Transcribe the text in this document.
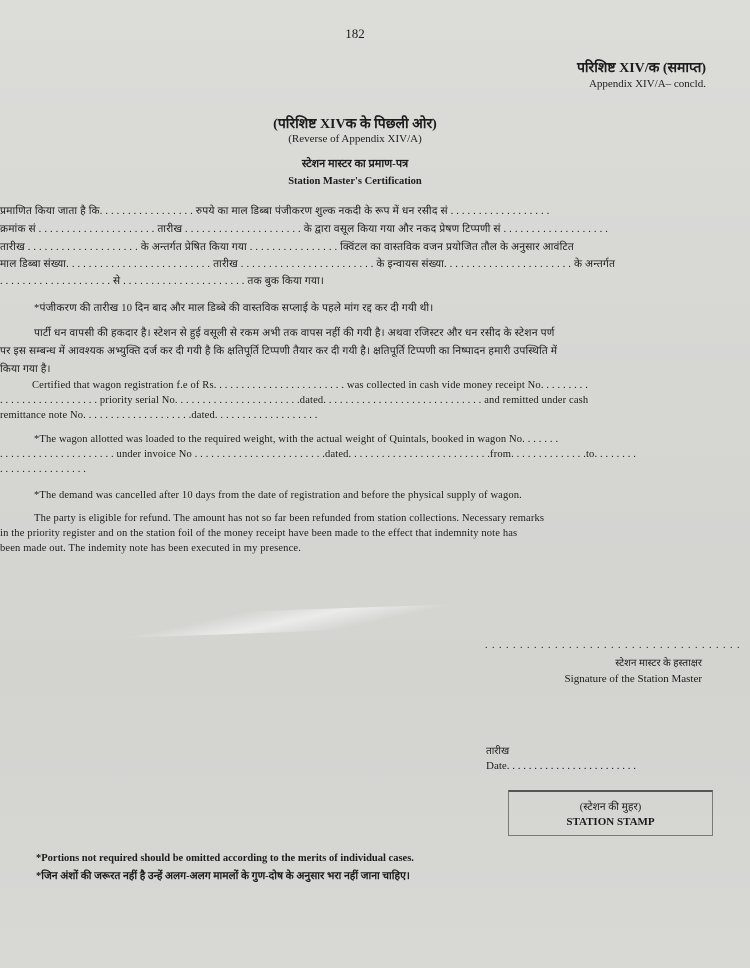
182
परिशिष्ट XIV/क (समाप्त)
Appendix XIV/A– concld.
(परिशिष्ट XIVक के पिछली ओर)
(Reverse of Appendix XIV/A)
स्टेशन मास्टर का प्रमाण-पत्र
Station Master's Certification
प्रमाणित किया जाता है कि. . . . . . . . . . . . . . . . . रुपये का माल डिब्बा पंजीकरण शुल्क नकदी के रूप में धन रसीद सं . . . . . . . . . . . . . . . . . .
क्रमांक सं . . . . . . . . . . . . . . . . . . . . . तारीख . . . . . . . . . . . . . . . . . . . . . के द्वारा वसूल किया गया और नकद प्रेषण टिप्पणी सं . . . . . . . . . . . . . . . . . . .
तारीख . . . . . . . . . . . . . . . . . . . . के अन्तर्गत प्रेषित किया गया . . . . . . . . . . . . . . . . क्विंटल का वास्तविक वजन प्रयोजित तौल के अनुसार आवंटित
माल डिब्बा संख्या. . . . . . . . . . . . . . . . . . . . . . . . . . तारीख . . . . . . . . . . . . . . . . . . . . . . . . के इन्वायस संख्या. . . . . . . . . . . . . . . . . . . . . . . के अन्तर्गत
. . . . . . . . . . . . . . . . . . . . से . . . . . . . . . . . . . . . . . . . . . . तक बुक किया गया।
*पंजीकरण की तारीख 10 दिन बाद और माल डिब्बे की वास्तविक सप्लाई के पहले मांग रद्द कर दी गयी थी।
पार्टी धन वापसी की हकदार है। स्टेशन से हुई वसूली से रकम अभी तक वापस नहीं की गयी है। अथवा रजिस्टर और धन रसीद के स्टेशन पर्ण
पर इस सम्बन्ध में आवश्यक अभ्युक्ति दर्ज कर दी गयी है कि क्षतिपूर्ति टिप्पणी तैयार कर दी गयी है। क्षतिपूर्ति टिप्पणी का निष्पादन हमारी उपस्थिति में
किया गया है।
Certified that wagon registration f.e of Rs. . . . . . . . . . . . . . . . . . . . . . . . was collected in cash vide money receipt No. . . . . . . . .
. . . . . . . . . . . . . . . . . . priority serial No. . . . . . . . . . . . . . . . . . . . . . .dated. . . . . . . . . . . . . . . . . . . . . . . . . . . . . and remitted under cash
remittance note No. . . . . . . . . . . . . . . . . . . .dated. . . . . . . . . . . . . . . . . . .
*The wagon allotted was loaded to the required weight, with the actual weight of Quintals, booked in wagon No. . . . . . .
. . . . . . . . . . . . . . . . . . . . . under invoice No . . . . . . . . . . . . . . . . . . . . . . . .dated. . . . . . . . . . . . . . . . . . . . . . . . . .from. . . . . . . . . . . . . .to. . . . . . . .
. . . . . . . . . . . . . . . .
*The demand was cancelled after 10 days from the date of registration and before the physical supply of wagon.
The party is eligible for refund. The amount has not so far been refunded from station collections. Necessary remarks
in the priority register and on the station foil of the money receipt have been made to the effect that indemnity note has
been made out. The indemity note has been executed in my presence.
. . . . . . . . . . . . . . . . . . . . . . . . . . . . . . . . . . . . .
स्टेशन मास्टर के हस्ताक्षर
Signature of the Station Master
तारीख
Date. . . . . . . . . . . . . . . . . . . . . . . .
(स्टेशन की मुहर)
STATION STAMP
*Portions not required should be omitted according to the merits of individual cases.
*जिन अंशों की जरूरत नहीं है उन्हें अलग-अलग मामलों के गुण-दोष के अनुसार भरा नहीं जाना चाहिए।
